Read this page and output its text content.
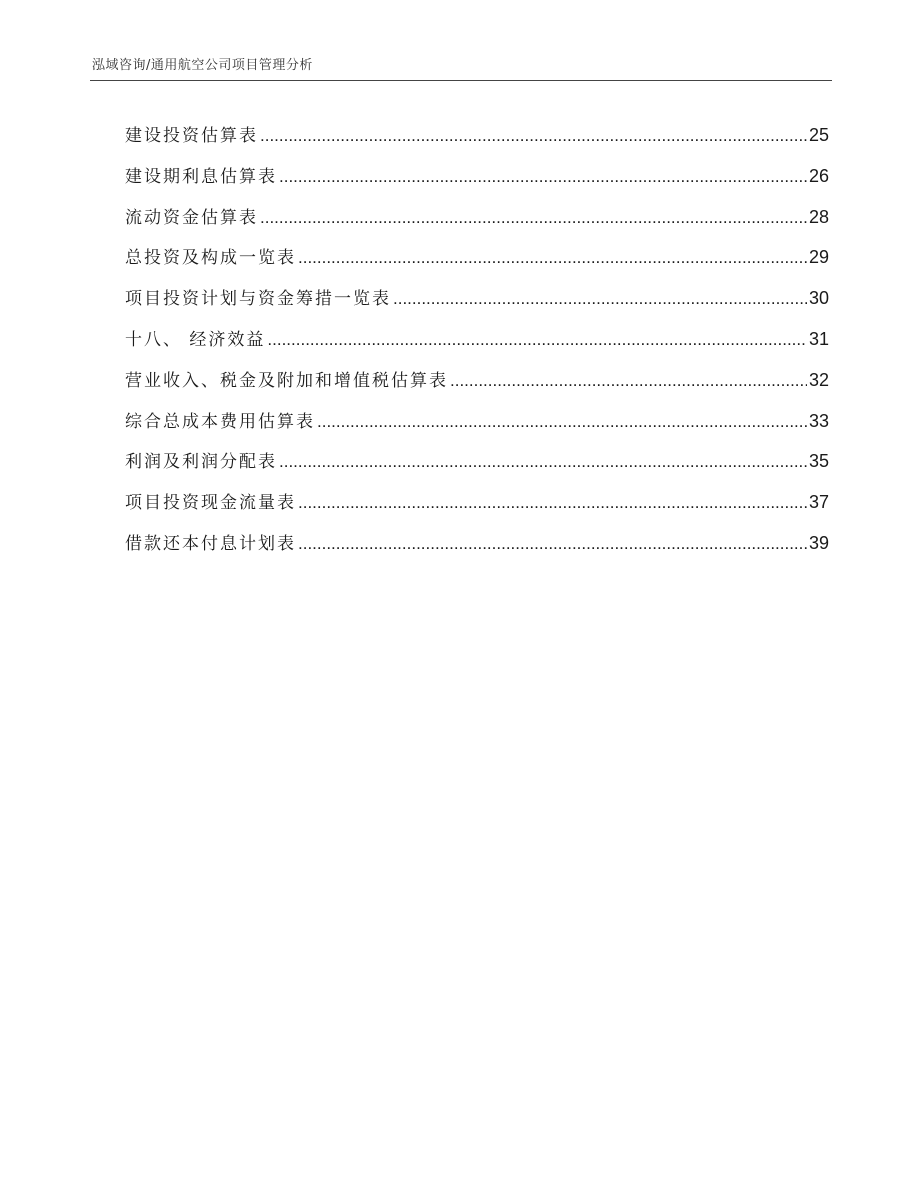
泓域咨询/通用航空公司项目管理分析
建设投资估算表 .....	25
建设期利息估算表 .....	26
流动资金估算表 .....	28
总投资及构成一览表 .....	29
项目投资计划与资金筹措一览表 .....	30
十八、 经济效益 .....	31
营业收入、税金及附加和增值税估算表 .....	32
综合总成本费用估算表 .....	33
利润及利润分配表 .....	35
项目投资现金流量表 .....	37
借款还本付息计划表 .....	39
